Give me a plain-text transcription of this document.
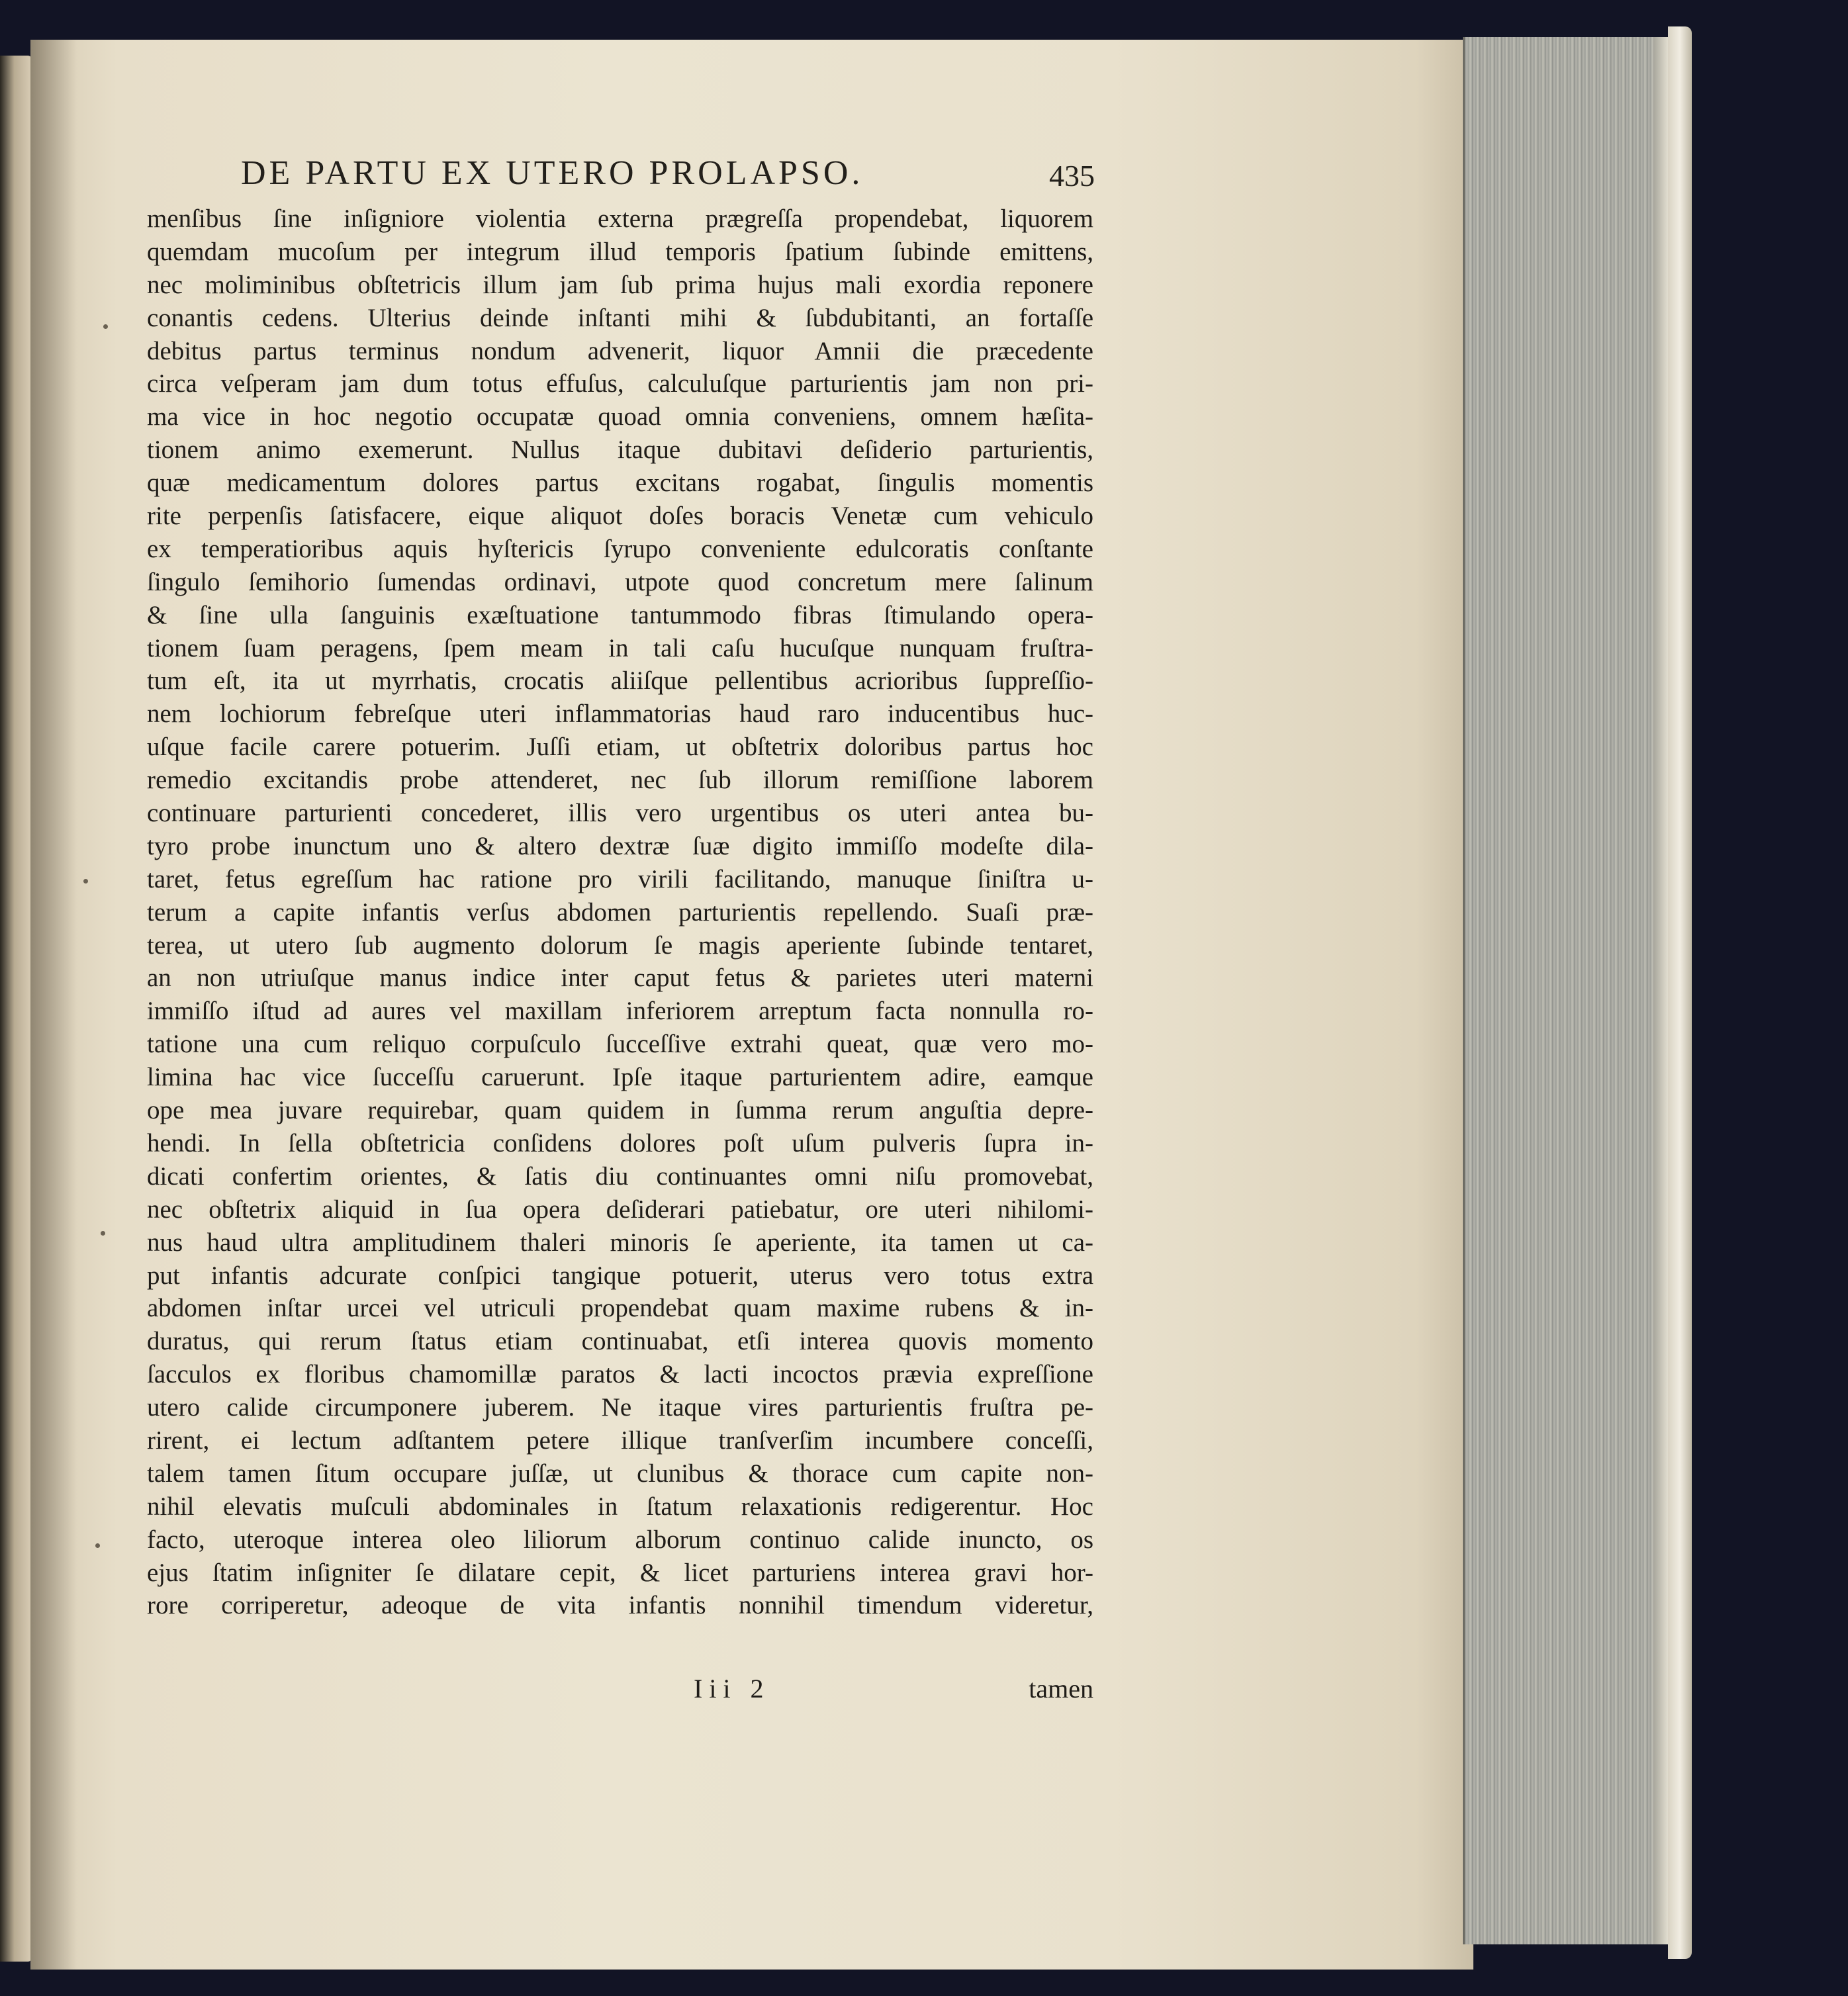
DE PARTU EX UTERO PROLAPSO.	435
menſibus ſine inſigniore violentia externa prægreſſa propendebat, liquorem
quemdam mucoſum per integrum illud temporis ſpatium ſubinde emittens,
nec moliminibus obſtetricis illum jam ſub prima hujus mali exordia reponere
conantis cedens. Ulterius deinde inſtanti mihi & ſubdubitanti, an fortaſſe
debitus partus terminus nondum advenerit, liquor Amnii die præcedente
circa veſperam jam dum totus effuſus, calculuſque parturientis jam non pri-
ma vice in hoc negotio occupatæ quoad omnia conveniens, omnem hæſita-
tionem animo exemerunt. Nullus itaque dubitavi deſiderio parturientis,
quæ medicamentum dolores partus excitans rogabat, ſingulis momentis
rite perpenſis ſatisfacere, eique aliquot doſes boracis Venetæ cum vehiculo
ex temperatioribus aquis hyſtericis ſyrupo conveniente edulcoratis conſtante
ſingulo ſemihorio ſumendas ordinavi, utpote quod concretum mere ſalinum
& ſine ulla ſanguinis exæſtuatione tantummodo fibras ſtimulando opera-
tionem ſuam peragens, ſpem meam in tali caſu hucuſque nunquam fruſtra-
tum eſt, ita ut myrrhatis, crocatis aliiſque pellentibus acrioribus ſuppreſſio-
nem lochiorum febreſque uteri inflammatorias haud raro inducentibus huc-
uſque facile carere potuerim. Juſſi etiam, ut obſtetrix doloribus partus hoc
remedio excitandis probe attenderet, nec ſub illorum remiſſione laborem
continuare parturienti concederet, illis vero urgentibus os uteri antea bu-
tyro probe inunctum uno & altero dextræ ſuæ digito immiſſo modeſte dila-
taret, fetus egreſſum hac ratione pro virili facilitando, manuque ſiniſtra u-
terum a capite infantis verſus abdomen parturientis repellendo. Suaſi præ-
terea, ut utero ſub augmento dolorum ſe magis aperiente ſubinde tentaret,
an non utriuſque manus indice inter caput fetus & parietes uteri materni
immiſſo iſtud ad aures vel maxillam inferiorem arreptum facta nonnulla ro-
tatione una cum reliquo corpuſculo ſucceſſive extrahi queat, quæ vero mo-
limina hac vice ſucceſſu caruerunt. Ipſe itaque parturientem adire, eamque
ope mea juvare requirebar, quam quidem in ſumma rerum anguſtia depre-
hendi. In ſella obſtetricia conſidens dolores poſt uſum pulveris ſupra in-
dicati confertim orientes, & ſatis diu continuantes omni niſu promovebat,
nec obſtetrix aliquid in ſua opera deſiderari patiebatur, ore uteri nihilomi-
nus haud ultra amplitudinem thaleri minoris ſe aperiente, ita tamen ut ca-
put infantis adcurate conſpici tangique potuerit, uterus vero totus extra
abdomen inſtar urcei vel utriculi propendebat quam maxime rubens & in-
duratus, qui rerum ſtatus etiam continuabat, etſi interea quovis momento
ſacculos ex floribus chamomillæ paratos & lacti incoctos prævia expreſſione
utero calide circumponere juberem. Ne itaque vires parturientis fruſtra pe-
rirent, ei lectum adſtantem petere illique tranſverſim incumbere conceſſi,
talem tamen ſitum occupare juſſæ, ut clunibus & thorace cum capite non-
nihil elevatis muſculi abdominales in ſtatum relaxationis redigerentur. Hoc
facto, uteroque interea oleo liliorum alborum continuo calide inuncto, os
ejus ſtatim inſigniter ſe dilatare cepit, & licet parturiens interea gravi hor-
rore corriperetur, adeoque de vita infantis nonnihil timendum videretur,
Iii 2	tamen
